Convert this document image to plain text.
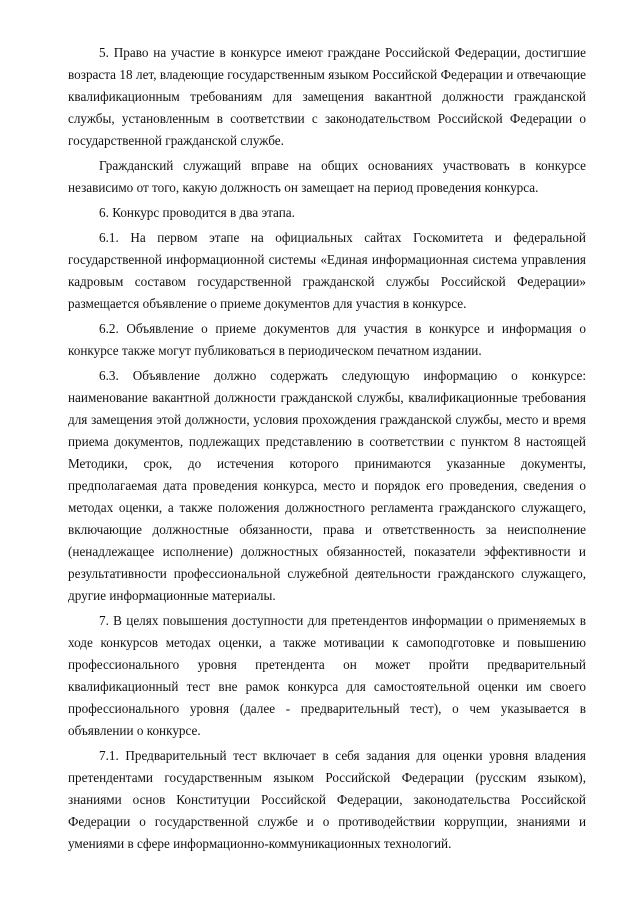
5. Право на участие в конкурсе имеют граждане Российской Федерации, достигшие возраста 18 лет, владеющие государственным языком Российской Федерации и отвечающие квалификационным требованиям для замещения вакантной должности гражданской службы, установленным в соответствии с законодательством Российской Федерации о государственной гражданской службе.

Гражданский служащий вправе на общих основаниях участвовать в конкурсе независимо от того, какую должность он замещает на период проведения конкурса.

6. Конкурс проводится в два этапа.

6.1. На первом этапе на официальных сайтах Госкомитета и федеральной государственной информационной системы «Единая информационная система управления кадровым составом государственной гражданской службы Российской Федерации» размещается объявление о приеме документов для участия в конкурсе.

6.2. Объявление о приеме документов для участия в конкурсе и информация о конкурсе также могут публиковаться в периодическом печатном издании.

6.3. Объявление должно содержать следующую информацию о конкурсе: наименование вакантной должности гражданской службы, квалификационные требования для замещения этой должности, условия прохождения гражданской службы, место и время приема документов, подлежащих представлению в соответствии с пунктом 8 настоящей Методики, срок, до истечения которого принимаются указанные документы, предполагаемая дата проведения конкурса, место и порядок его проведения, сведения о методах оценки, а также положения должностного регламента гражданского служащего, включающие должностные обязанности, права и ответственность за неисполнение (ненадлежащее исполнение) должностных обязанностей, показатели эффективности и результативности профессиональной служебной деятельности гражданского служащего, другие информационные материалы.

7. В целях повышения доступности для претендентов информации о применяемых в ходе конкурсов методах оценки, а также мотивации к самоподготовке и повышению профессионального уровня претендента он может пройти предварительный квалификационный тест вне рамок конкурса для самостоятельной оценки им своего профессионального уровня (далее - предварительный тест), о чем указывается в объявлении о конкурсе.

7.1. Предварительный тест включает в себя задания для оценки уровня владения претендентами государственным языком Российской Федерации (русским языком), знаниями основ Конституции Российской Федерации, законодательства Российской Федерации о государственной службе и о противодействии коррупции, знаниями и умениями в сфере информационно-коммуникационных технологий.
